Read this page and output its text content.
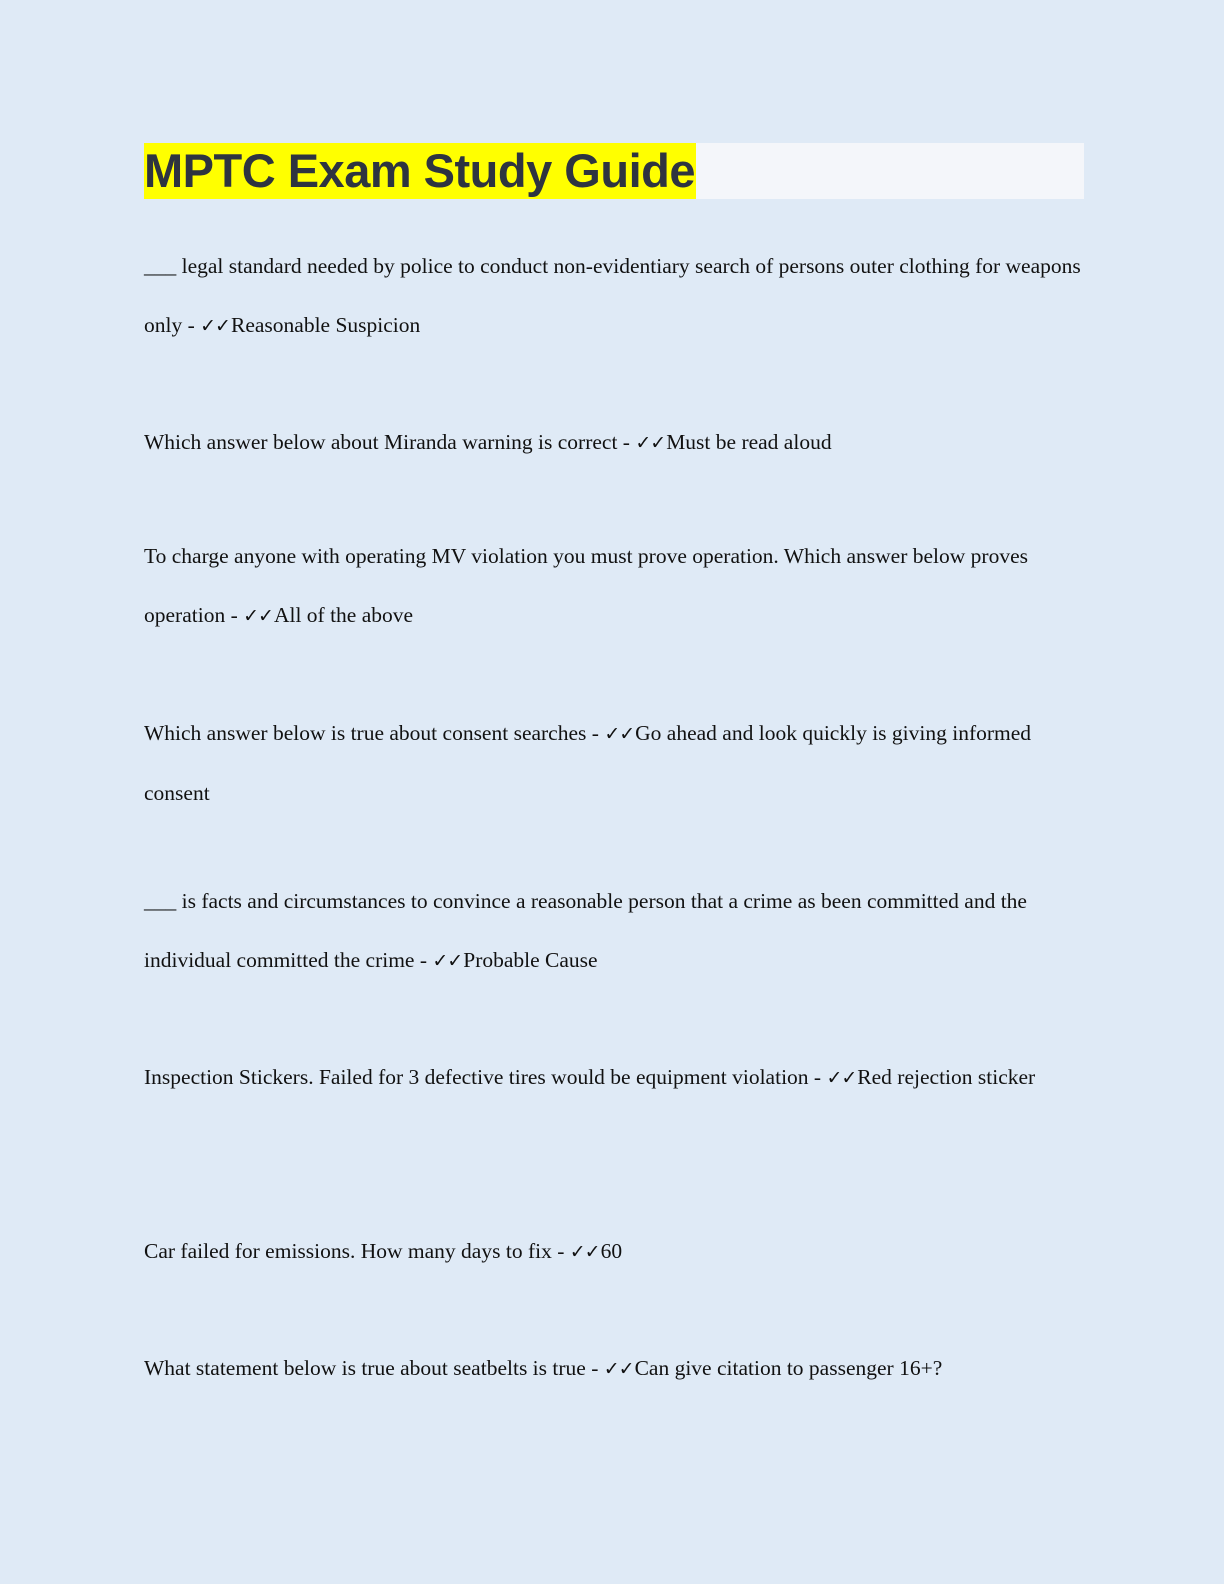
MPTC Exam Study Guide
___ legal standard needed by police to conduct non-evidentiary search of persons outer clothing for weapons only - ✓✓Reasonable Suspicion
Which answer below about Miranda warning is correct - ✓✓Must be read aloud
To charge anyone with operating MV violation you must prove operation. Which answer below proves operation - ✓✓All of the above
Which answer below is true about consent searches - ✓✓Go ahead and look quickly is giving informed consent
___ is facts and circumstances to convince a reasonable person that a crime as been committed and the individual committed the crime - ✓✓Probable Cause
Inspection Stickers. Failed for 3 defective tires would be equipment violation - ✓✓Red rejection sticker
Car failed for emissions. How many days to fix - ✓✓60
What statement below is true about seatbelts is true - ✓✓Can give citation to passenger 16+?
